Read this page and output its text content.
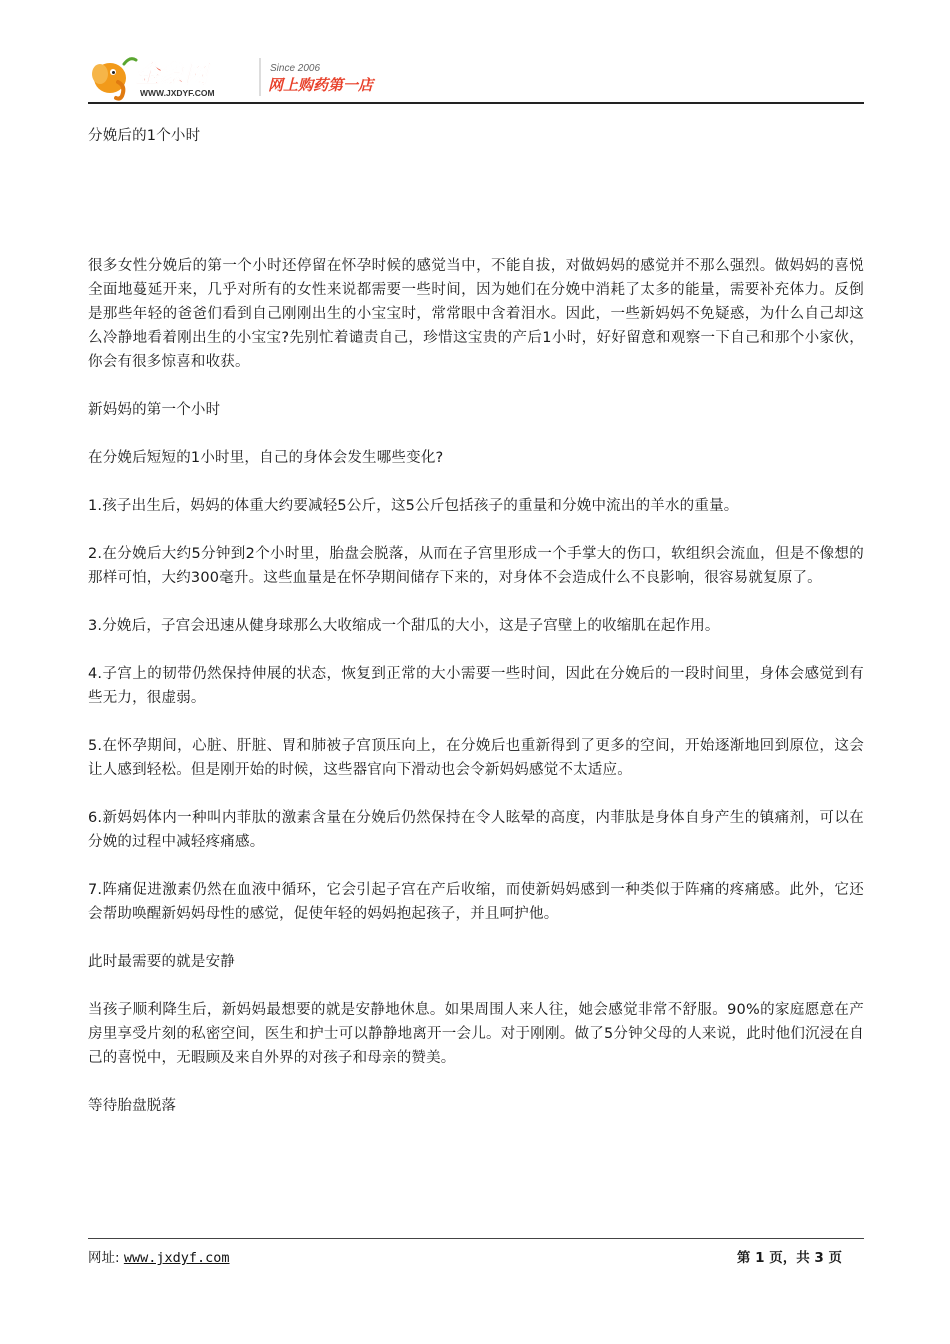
金象网
WWW.JXDYF.COM
Since 2006
网上购药第一店

分娩后的1个小时

很多女性分娩后的第一个小时还停留在怀孕时候的感觉当中，不能自拔，对做妈妈的感觉并不那么强烈。做妈妈的喜悦全面地蔓延开来，几乎对所有的女性来说都需要一些时间，因为她们在分娩中消耗了太多的能量，需要补充体力。反倒是那些年轻的爸爸们看到自己刚刚出生的小宝宝时，常常眼中含着泪水。因此，一些新妈妈不免疑惑，为什么自己却这么冷静地看着刚出生的小宝宝?先别忙着谴责自己，珍惜这宝贵的产后1小时，好好留意和观察一下自己和那个小家伙，你会有很多惊喜和收获。

新妈妈的第一个小时

在分娩后短短的1小时里，自己的身体会发生哪些变化?

1.孩子出生后，妈妈的体重大约要减轻5公斤，这5公斤包括孩子的重量和分娩中流出的羊水的重量。

2.在分娩后大约5分钟到2个小时里，胎盘会脱落，从而在子宫里形成一个手掌大的伤口，软组织会流血，但是不像想的那样可怕，大约300毫升。这些血量是在怀孕期间储存下来的，对身体不会造成什么不良影响，很容易就复原了。

3.分娩后，子宫会迅速从健身球那么大收缩成一个甜瓜的大小，这是子宫壁上的收缩肌在起作用。

4.子宫上的韧带仍然保持伸展的状态，恢复到正常的大小需要一些时间，因此在分娩后的一段时间里，身体会感觉到有些无力，很虚弱。

5.在怀孕期间，心脏、肝脏、胃和肺被子宫顶压向上，在分娩后也重新得到了更多的空间，开始逐渐地回到原位，这会让人感到轻松。但是刚开始的时候，这些器官向下滑动也会令新妈妈感觉不太适应。

6.新妈妈体内一种叫内菲肽的激素含量在分娩后仍然保持在令人眩晕的高度，内菲肽是身体自身产生的镇痛剂，可以在分娩的过程中减轻疼痛感。

7.阵痛促进激素仍然在血液中循环，它会引起子宫在产后收缩，而使新妈妈感到一种类似于阵痛的疼痛感。此外，它还会帮助唤醒新妈妈母性的感觉，促使年轻的妈妈抱起孩子，并且呵护他。

此时最需要的就是安静

当孩子顺利降生后，新妈妈最想要的就是安静地休息。如果周围人来人往，她会感觉非常不舒服。90%的家庭愿意在产房里享受片刻的私密空间，医生和护士可以静静地离开一会儿。对于刚刚。做了5分钟父母的人来说，此时他们沉浸在自己的喜悦中，无暇顾及来自外界的对孩子和母亲的赞美。

等待胎盘脱落

网址: www.jxdyf.com	第 1 页，共 3 页
